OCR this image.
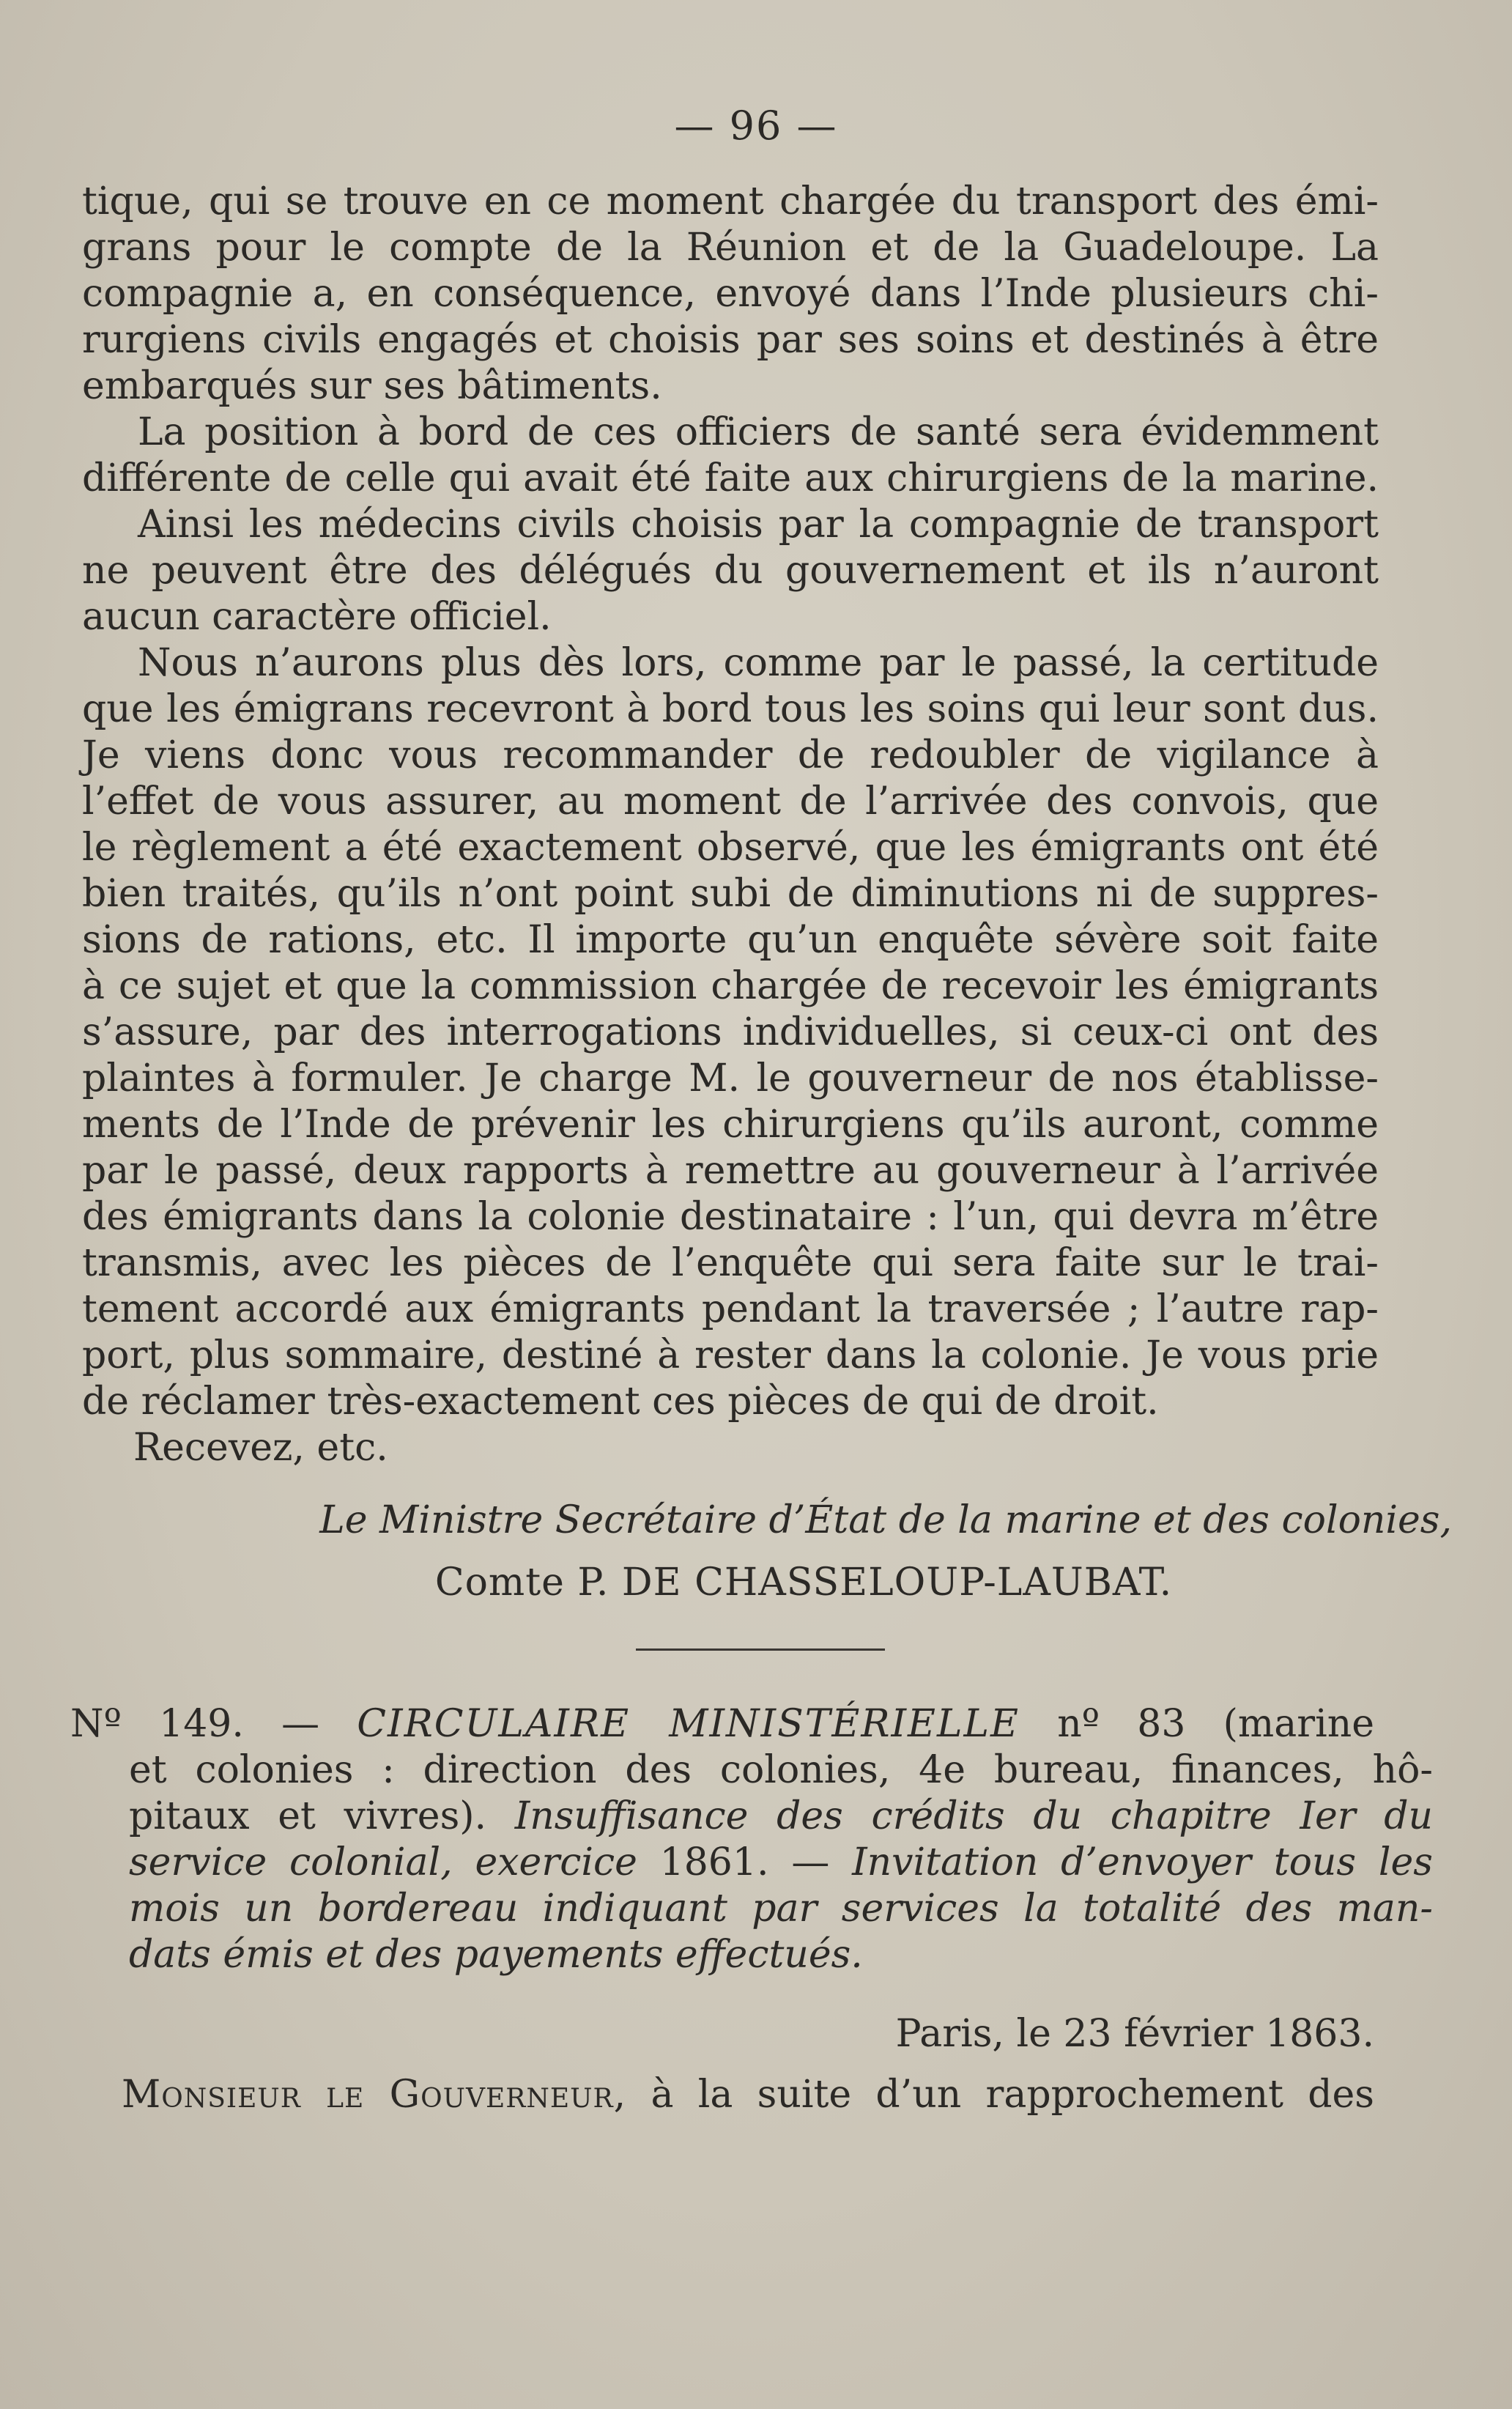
— 96 —
tique, qui se trouve en ce moment chargée du transport des émi-
grans pour le compte de la Réunion et de la Guadeloupe. La
compagnie a, en conséquence, envoyé dans l’Inde plusieurs chi-
rurgiens civils engagés et choisis par ses soins et destinés à être
embarqués sur ses bâtiments.
La position à bord de ces officiers de santé sera évidemment
différente de celle qui avait été faite aux chirurgiens de la marine.
Ainsi les médecins civils choisis par la compagnie de transport
ne peuvent être des délégués du gouvernement et ils n’auront
aucun caractère officiel.
Nous n’aurons plus dès lors, comme par le passé, la certitude
que les émigrans recevront à bord tous les soins qui leur sont dus.
Je viens donc vous recommander de redoubler de vigilance à
l’effet de vous assurer, au moment de l’arrivée des convois, que
le règlement a été exactement observé, que les émigrants ont été
bien traités, qu’ils n’ont point subi de diminutions ni de suppres-
sions de rations, etc. Il importe qu’un enquête sévère soit faite
à ce sujet et que la commission chargée de recevoir les émigrants
s’assure, par des interrogations individuelles, si ceux-ci ont des
plaintes à formuler. Je charge M. le gouverneur de nos établisse-
ments de l’Inde de prévenir les chirurgiens qu’ils auront, comme
par le passé, deux rapports à remettre au gouverneur à l’arrivée
des émigrants dans la colonie destinataire : l’un, qui devra m’être
transmis, avec les pièces de l’enquête qui sera faite sur le trai-
tement accordé aux émigrants pendant la traversée ; l’autre rap-
port, plus sommaire, destiné à rester dans la colonie. Je vous prie
de réclamer très-exactement ces pièces de qui de droit.
Recevez, etc.
Le Ministre Secrétaire d’État de la marine et des colonies,
Comte P. DE CHASSELOUP-LAUBAT.
Nº 149. — CIRCULAIRE MINISTÉRIELLE nº 83 (marine
et colonies : direction des colonies, 4e bureau, finances, hô-
pitaux et vivres). Insuffisance des crédits du chapitre Ier du
service colonial, exercice 1861. — Invitation d’envoyer tous les
mois un bordereau indiquant par services la totalité des man-
dats émis et des payements effectués.
Paris, le 23 février 1863.
Monsieur le Gouverneur, à la suite d’un rapprochement des
